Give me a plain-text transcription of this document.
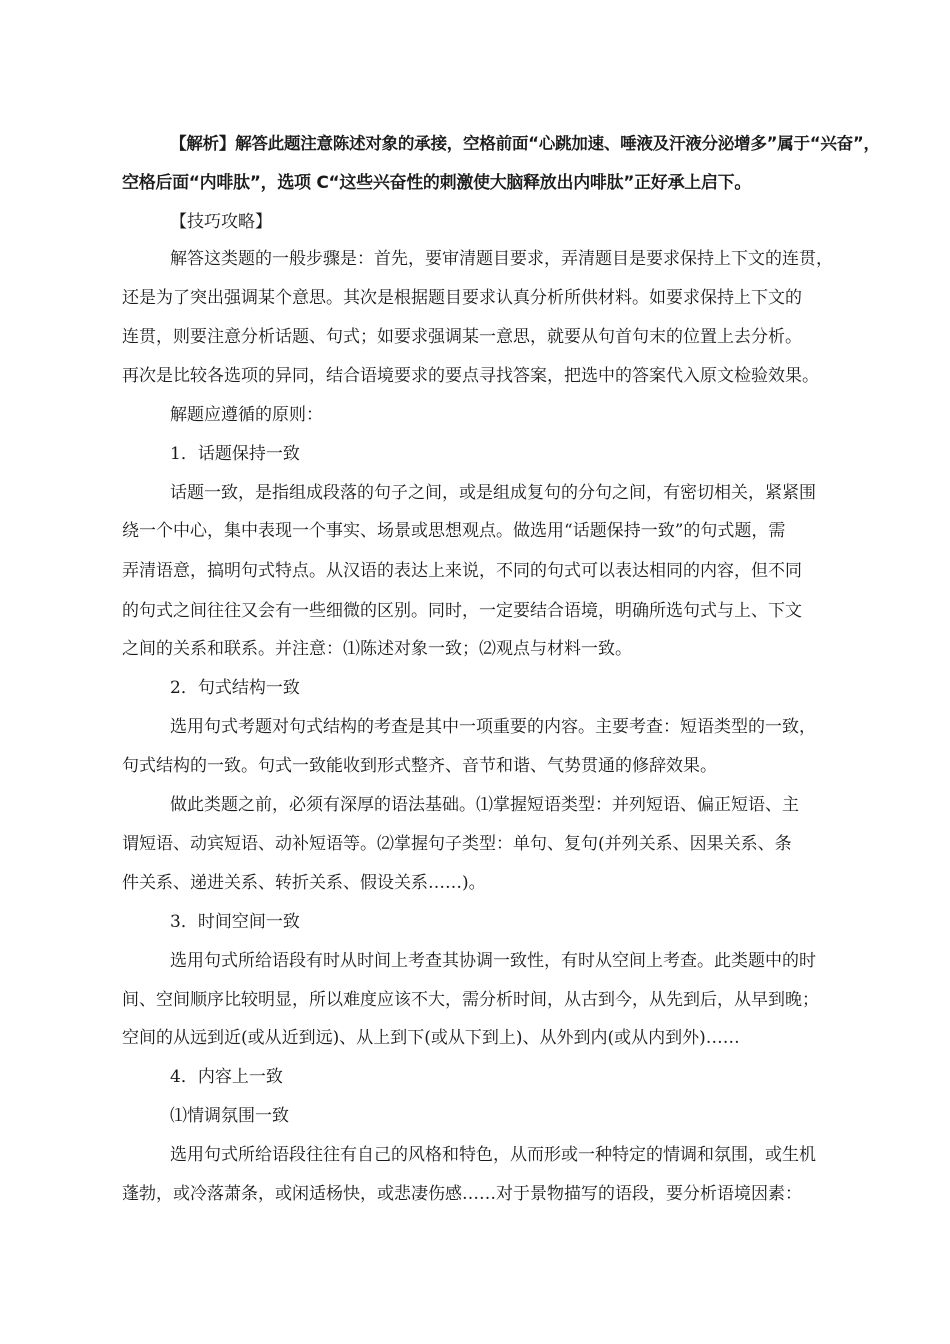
【解析】解答此题注意陈述对象的承接，空格前面“心跳加速、唾液及汗液分泌增多”属于“兴奋”，
空格后面“内啡肽”，选项 C“这些兴奋性的刺激使大脑释放出内啡肽”正好承上启下。
【技巧攻略】
解答这类题的一般步骤是：首先，要审清题目要求，弄清题目是要求保持上下文的连贯，
还是为了突出强调某个意思。其次是根据题目要求认真分析所供材料。如要求保持上下文的
连贯，则要注意分析话题、句式；如要求强调某一意思，就要从句首句末的位置上去分析。
再次是比较各选项的异同，结合语境要求的要点寻找答案，把选中的答案代入原文检验效果。
解题应遵循的原则：
1．话题保持一致
话题一致，是指组成段落的句子之间，或是组成复句的分句之间，有密切相关，紧紧围
绕一个中心，集中表现一个事实、场景或思想观点。做选用“话题保持一致”的句式题，需
弄清语意，搞明句式特点。从汉语的表达上来说，不同的句式可以表达相同的内容，但不同
的句式之间往往又会有一些细微的区别。同时，一定要结合语境，明确所选句式与上、下文
之间的关系和联系。并注意：⑴陈述对象一致；⑵观点与材料一致。
2．句式结构一致
选用句式考题对句式结构的考查是其中一项重要的内容。主要考查：短语类型的一致，
句式结构的一致。句式一致能收到形式整齐、音节和谐、气势贯通的修辞效果。
做此类题之前，必须有深厚的语法基础。⑴掌握短语类型：并列短语、偏正短语、主
谓短语、动宾短语、动补短语等。⑵掌握句子类型：单句、复句(并列关系、因果关系、条
件关系、递进关系、转折关系、假设关系……)。
3．时间空间一致
选用句式所给语段有时从时间上考查其协调一致性，有时从空间上考查。此类题中的时
间、空间顺序比较明显，所以难度应该不大，需分析时间，从古到今，从先到后，从早到晚；
空间的从远到近(或从近到远)、从上到下(或从下到上)、从外到内(或从内到外)……
4．内容上一致
⑴情调氛围一致
选用句式所给语段往往有自己的风格和特色，从而形或一种特定的情调和氛围，或生机
蓬勃，或冷落萧条，或闲适杨快，或悲凄伤感……对于景物描写的语段，要分析语境因素：
